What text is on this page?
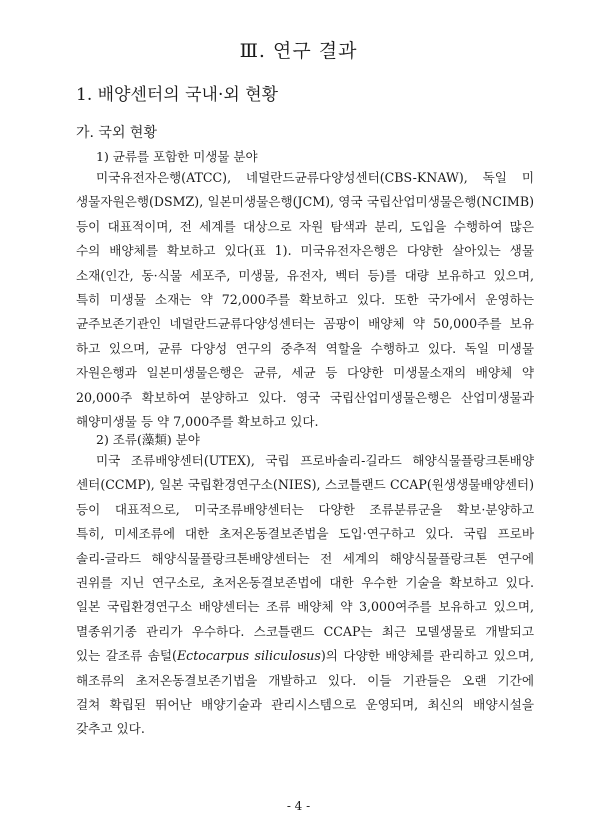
Ⅲ. 연구 결과
1. 배양센터의 국내·외 현황
가. 국외 현황
1) 균류를 포함한 미생물 분야
미국유전자은행(ATCC), 네덜란드균류다양성센터(CBS-KNAW), 독일 미
생물자원은행(DSMZ), 일본미생물은행(JCM), 영국 국립산업미생물은행(NCIMB)
등이 대표적이며, 전 세계를 대상으로 자원 탐색과 분리, 도입을 수행하여 많은
수의 배양체를 확보하고 있다(표 1). 미국유전자은행은 다양한 살아있는 생물
소재(인간, 동·식물 세포주, 미생물, 유전자, 벡터 등)를 대량 보유하고 있으며,
특히 미생물 소재는 약 72,000주를 확보하고 있다. 또한 국가에서 운영하는
균주보존기관인 네덜란드균류다양성센터는 곰팡이 배양체 약 50,000주를 보유
하고 있으며, 균류 다양성 연구의 중추적 역할을 수행하고 있다. 독일 미생물
자원은행과 일본미생물은행은 균류, 세균 등 다양한 미생물소재의 배양체 약
20,000주 확보하여 분양하고 있다. 영국 국립산업미생물은행은 산업미생물과
해양미생물 등 약 7,000주를 확보하고 있다.
2) 조류(藻類) 분야
미국 조류배양센터(UTEX), 국립 프로바솔리-길라드 해양식물플랑크톤배양
센터(CCMP), 일본 국립환경연구소(NIES), 스코틀랜드 CCAP(원생생물배양센터)
등이 대표적으로, 미국조류배양센터는 다양한 조류분류군을 확보·분양하고
특히, 미세조류에 대한 초저온동결보존법을 도입·연구하고 있다. 국립 프로바
솔리-글라드 해양식물플랑크톤배양센터는 전 세계의 해양식물플랑크톤 연구에
권위를 지닌 연구소로, 초저온동결보존법에 대한 우수한 기술을 확보하고 있다.
일본 국립환경연구소 배양센터는 조류 배양체 약 3,000여주를 보유하고 있으며,
멸종위기종 관리가 우수하다. 스코틀랜드 CCAP는 최근 모델생물로 개발되고
있는 갈조류 솜털(Ectocarpus siliculosus)의 다양한 배양체를 관리하고 있으며,
해조류의 초저온동결보존기법을 개발하고 있다. 이들 기관들은 오랜 기간에
걸쳐 확립된 뛰어난 배양기술과 관리시스템으로 운영되며, 최신의 배양시설을
갖추고 있다.
- 4 -
